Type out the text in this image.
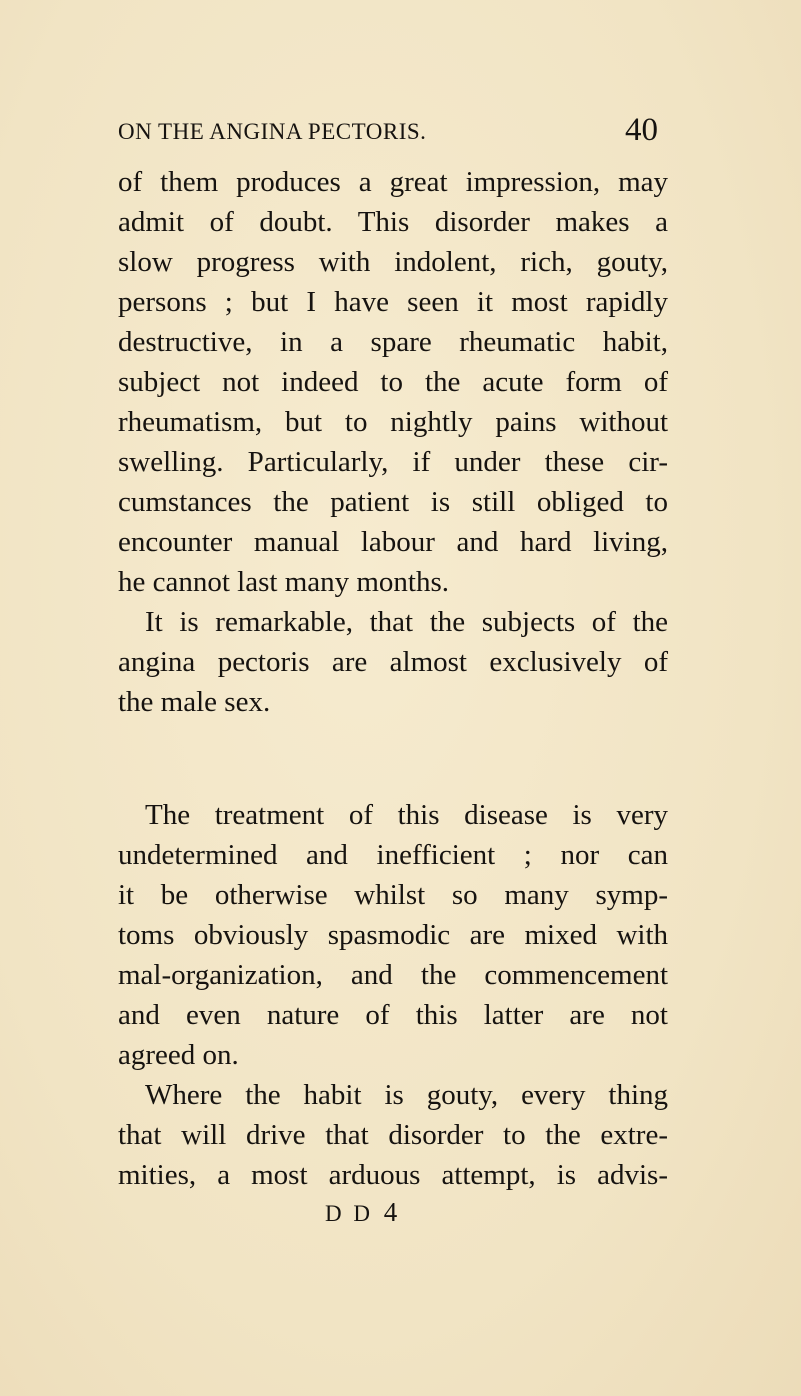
ON THE ANGINA PECTORIS.	40
of them produces a great impression, may
admit of doubt. This disorder makes a
slow progress with indolent, rich, gouty,
persons ; but I have seen it most rapidly
destructive, in a spare rheumatic habit,
subject not indeed to the acute form of
rheumatism, but to nightly pains without
swelling. Particularly, if under these cir-
cumstances the patient is still obliged to
encounter manual labour and hard living,
he cannot last many months.
It is remarkable, that the subjects of the
angina pectoris are almost exclusively of
the male sex.
The treatment of this disease is very
undetermined and inefficient ; nor can
it be otherwise whilst so many symp-
toms obviously spasmodic are mixed with
mal-organization, and the commencement
and even nature of this latter are not
agreed on.
Where the habit is gouty, every thing
that will drive that disorder to the extre-
mities, a most arduous attempt, is advis-
D D 4
